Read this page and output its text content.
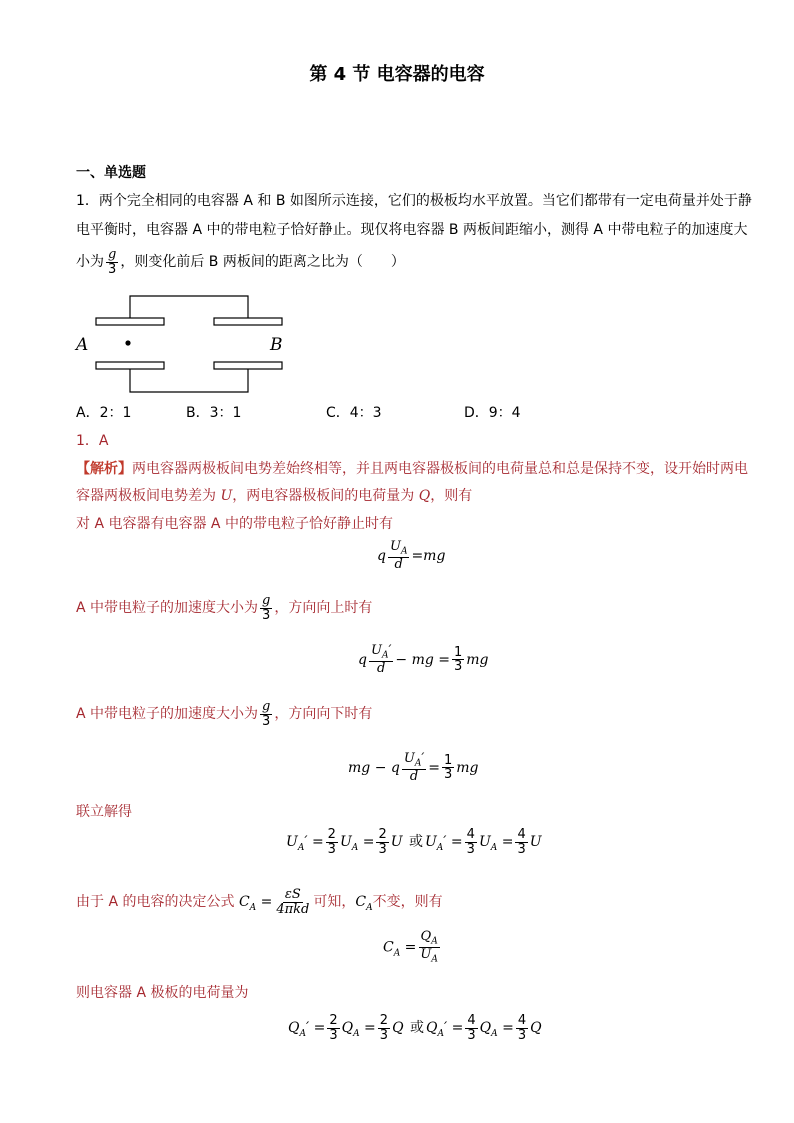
第 4 节 电容器的电容
一、单选题
1．两个完全相同的电容器 A 和 B 如图所示连接，它们的极板均水平放置。当它们都带有一定电荷量并处于静
电平衡时，电容器 A 中的带电粒子恰好静止。现仅将电容器 B 两板间距缩小，测得 A 中带电粒子的加速度大
小为 $\frac{g}{3}$ ，则变化前后 B 两板间的距离之比为（　　）
A	B
A．2：1	B．3：1	C．4：3	D．9：4
1．A
【解析】两电容器两极板间电势差始终相等，并且两电容器极板间的电荷量总和总是保持不变，设开始时两电
容器两极板间电势差为 U，两电容器极板间的电荷量为 Q，则有
对 A 电容器有电容器 A 中的带电粒子恰好静止时有
q $\frac{U_A}{d} =mg$
A 中带电粒子的加速度大小为 $\frac{g}{3}$ ，方向向上时有
q $\frac{U_A'}{d}$ − mg = $\frac{1}{3}$ mg
A 中带电粒子的加速度大小为 $\frac{g}{3}$ ，方向向下时有
mg − q $\frac{U_A'}{d} = \frac{1}{3}$ mg
联立解得
$U_A' = \frac{2}{3} U_A = \frac{2}{3}$ U 或 $U_A' = \frac{4}{3} U_A = \frac{4}{3}$ U
由于 A 的电容的决定公式 $C_A = \frac{\varepsilon S}{\text{4πkd}}$ 可知，$C_A$不变，则有
$C_A = \frac{Q_A}{U_A}$
则电容器 A 极板的电荷量为
$Q_A' = \frac{2}{3} Q_A = \frac{2}{3}$ Q 或 $Q_A' = \frac{4}{3} Q_A = \frac{4}{3}$ Q
